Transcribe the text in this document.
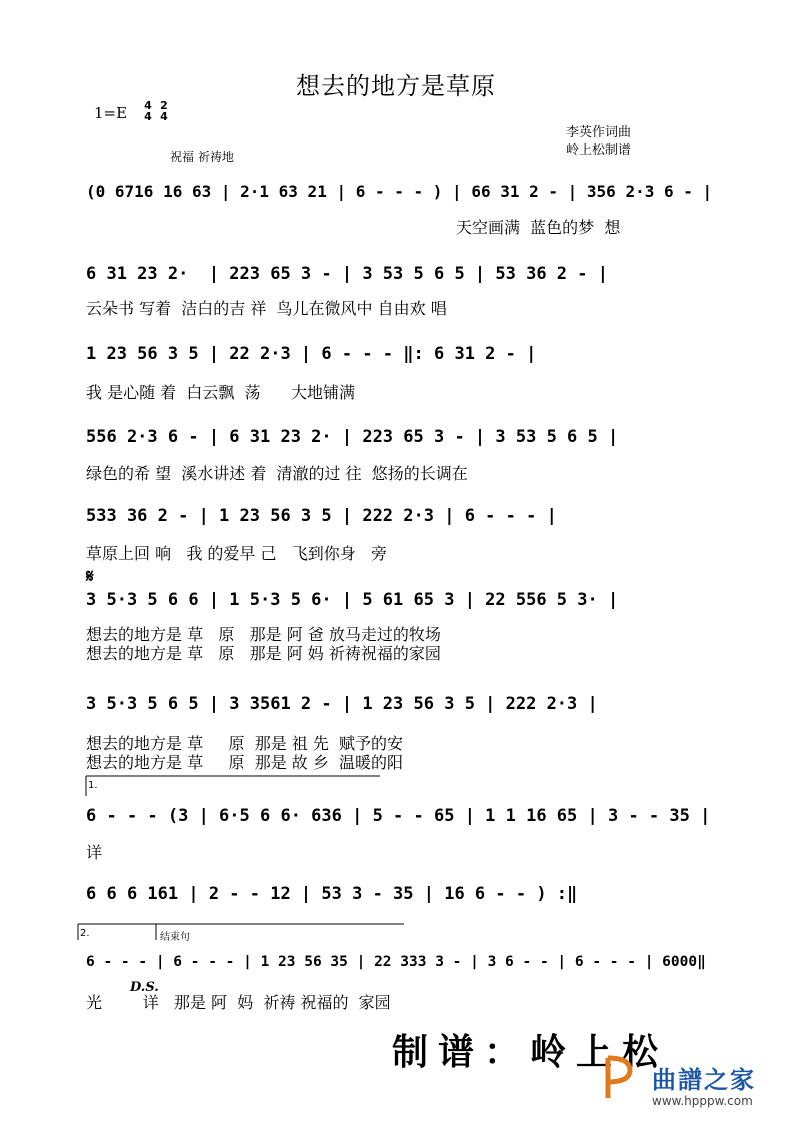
想去的地方是草原
1=E 4
4
2
4
李英作词曲
岭上松制谱
祝福 祈祷地
(0 6716 16 63 | 2·1 63 21 | 6 - - - ) | 66 31 2 - | 356 2·3 6 - |
天空画满  蓝色的梦  想
6 31 23 2·  | 223 65 3 - | 3 53 5 6 5 | 53 36 2 - |
云朵书 写着  洁白的吉 祥  鸟儿在微风中 自由欢 唱
1 23 56 3 5 | 22 2·3 | 6 - - - ‖: 6 31 2 - |
我 是心随 着  白云飘  荡      大地铺满
556 2·3 6 - | 6 31 23 2· | 223 65 3 - | 3 53 5 6 5 |
绿色的希 望  溪水讲述 着  清澈的过 往  悠扬的长调在
533 36 2 - | 1 23 56 3 5 | 222 2·3 | 6 - - - |
草原上回 响   我 的爱早 己   飞到你身   旁
𝄋
3 5·3 5 6 6 | 1 5·3 5 6· | 5 61 65 3 | 22 556 5 3· |
想去的地方是 草   原   那是 阿 爸 放马走过的牧场
想去的地方是 草   原   那是 阿 妈 祈祷祝福的家园
3 5·3 5 6 5 | 3 3561 2 - | 1 23 56 3 5 | 222 2·3 |
想去的地方是 草     原  那是 祖 先  赋予的安
想去的地方是 草     原  那是 故 乡  温暖的阳
1.
6 - - - (3 | 6·5 6 6· 636 | 5 - - 65 | 1 1 16 65 | 3 - - 35 |
详
6 6 6 161 | 2 - - 12 | 53 3 - 35 | 16 6 - - ) :‖
2.	结束句
6 - - - | 6 - - - | 1 23 56 35 | 22 333 3 - | 3 6 - - | 6 - - - | 6000‖
D.S.
光        详   那是 阿  妈  祈祷 祝福的  家园
制谱：岭上松
曲譜之家
www.hpppw.com
